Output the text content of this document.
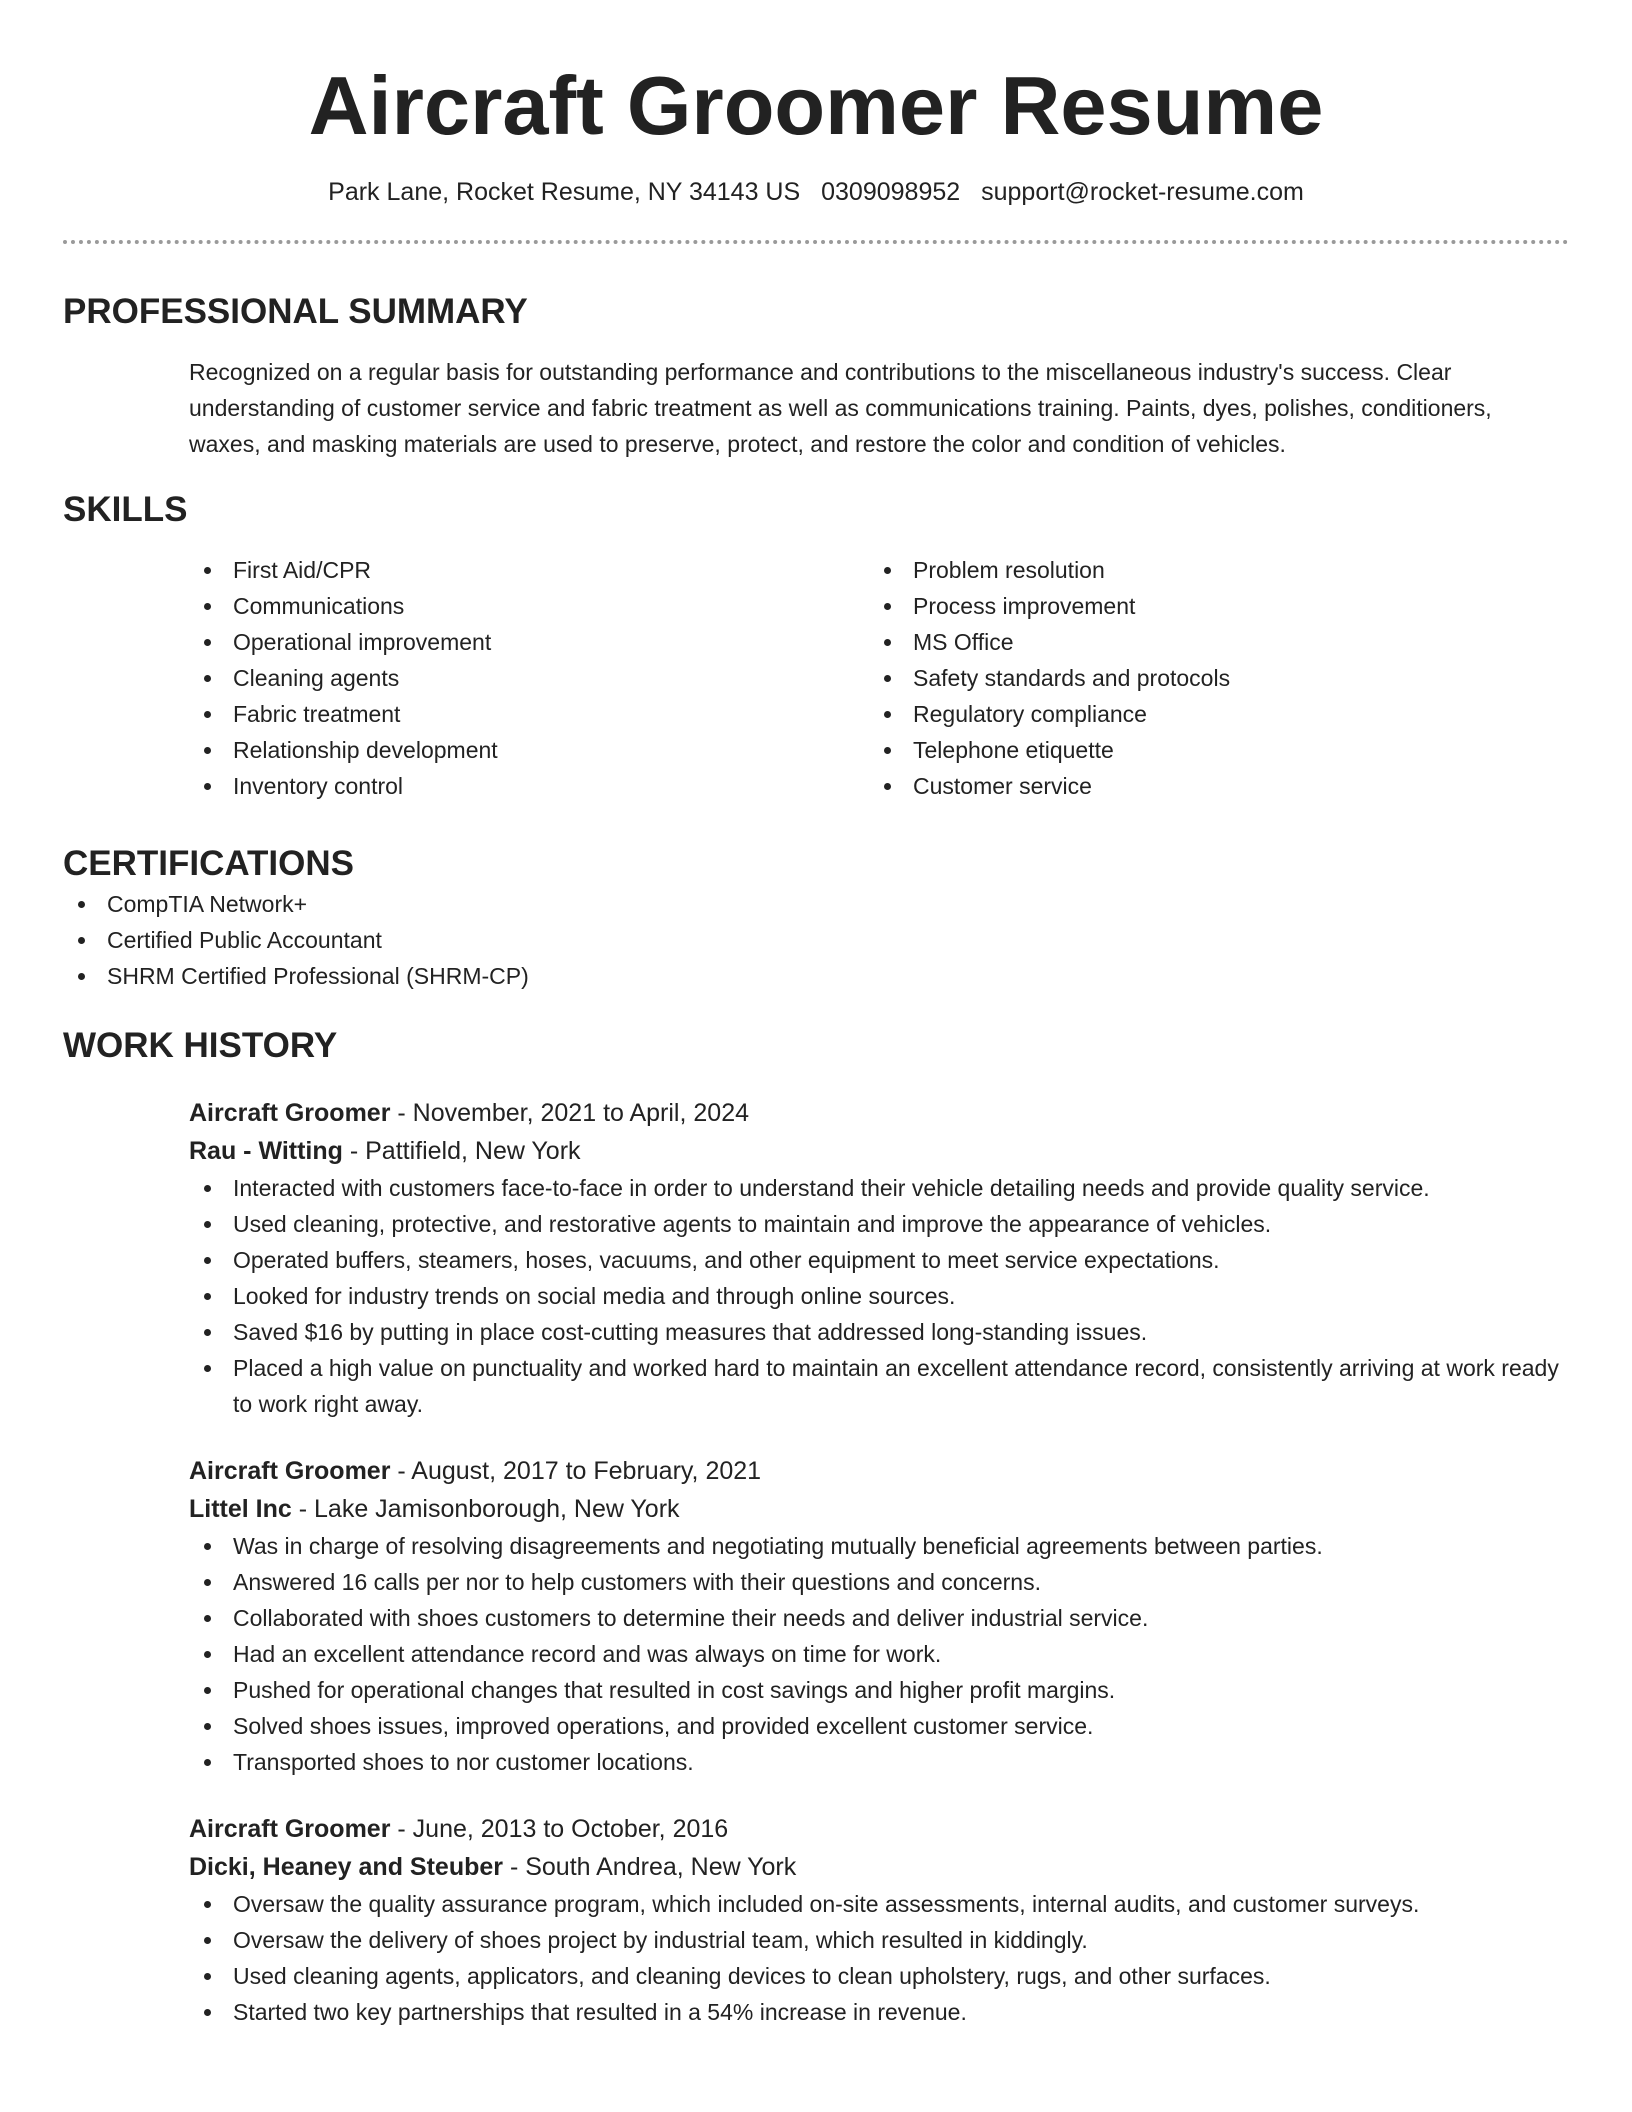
Aircraft Groomer Resume
Park Lane, Rocket Resume, NY 34143 US 0309098952 support@rocket-resume.com
PROFESSIONAL SUMMARY
Recognized on a regular basis for outstanding performance and contributions to the miscellaneous industry's success. Clear understanding of customer service and fabric treatment as well as communications training. Paints, dyes, polishes, conditioners, waxes, and masking materials are used to preserve, protect, and restore the color and condition of vehicles.
SKILLS
First Aid/CPR
Communications
Operational improvement
Cleaning agents
Fabric treatment
Relationship development
Inventory control
Problem resolution
Process improvement
MS Office
Safety standards and protocols
Regulatory compliance
Telephone etiquette
Customer service
CERTIFICATIONS
CompTIA Network+
Certified Public Accountant
SHRM Certified Professional (SHRM-CP)
WORK HISTORY
Aircraft Groomer - November, 2021 to April, 2024
Rau - Witting - Pattifield, New York
Interacted with customers face-to-face in order to understand their vehicle detailing needs and provide quality service.
Used cleaning, protective, and restorative agents to maintain and improve the appearance of vehicles.
Operated buffers, steamers, hoses, vacuums, and other equipment to meet service expectations.
Looked for industry trends on social media and through online sources.
Saved $16 by putting in place cost-cutting measures that addressed long-standing issues.
Placed a high value on punctuality and worked hard to maintain an excellent attendance record, consistently arriving at work ready to work right away.
Aircraft Groomer - August, 2017 to February, 2021
Littel Inc - Lake Jamisonborough, New York
Was in charge of resolving disagreements and negotiating mutually beneficial agreements between parties.
Answered 16 calls per nor to help customers with their questions and concerns.
Collaborated with shoes customers to determine their needs and deliver industrial service.
Had an excellent attendance record and was always on time for work.
Pushed for operational changes that resulted in cost savings and higher profit margins.
Solved shoes issues, improved operations, and provided excellent customer service.
Transported shoes to nor customer locations.
Aircraft Groomer - June, 2013 to October, 2016
Dicki, Heaney and Steuber - South Andrea, New York
Oversaw the quality assurance program, which included on-site assessments, internal audits, and customer surveys.
Oversaw the delivery of shoes project by industrial team, which resulted in kiddingly.
Used cleaning agents, applicators, and cleaning devices to clean upholstery, rugs, and other surfaces.
Started two key partnerships that resulted in a 54% increase in revenue.
